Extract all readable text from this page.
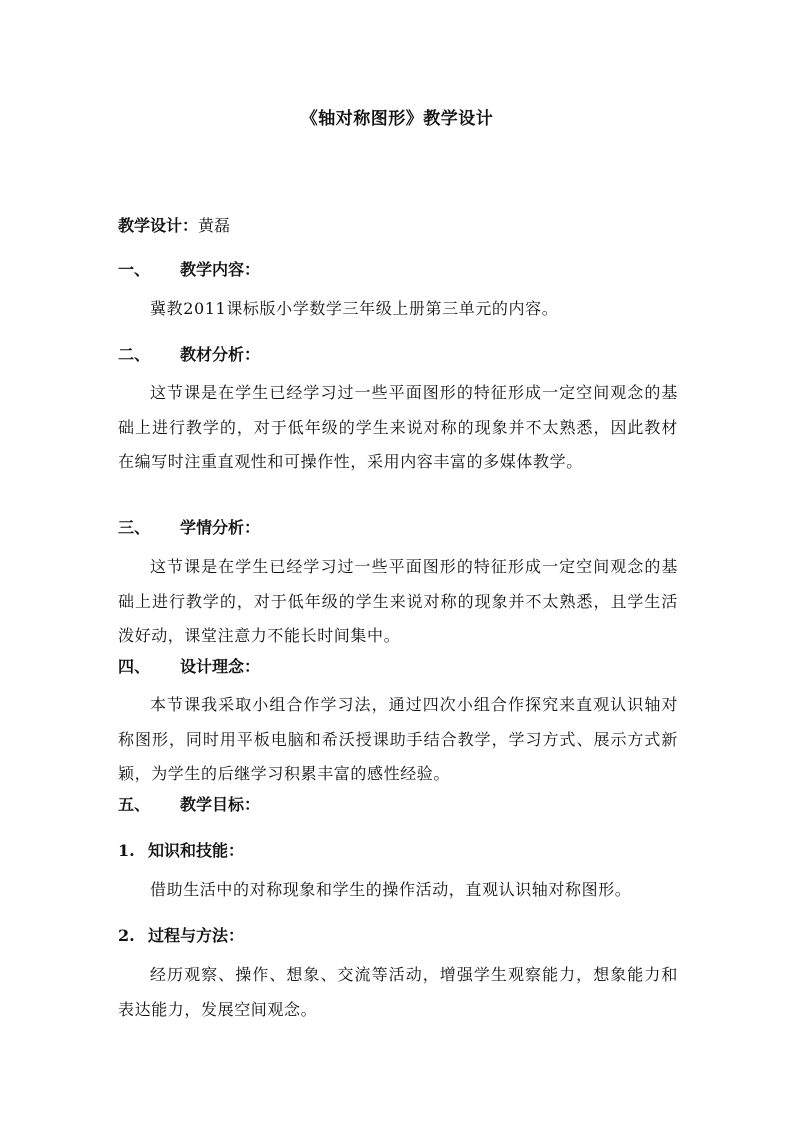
《轴对称图形》教学设计
教学设计：黄磊
一、 教学内容：
冀教2011课标版小学数学三年级上册第三单元的内容。
二、 教材分析：
这节课是在学生已经学习过一些平面图形的特征形成一定空间观念的基础上进行教学的，对于低年级的学生来说对称的现象并不太熟悉，因此教材在编写时注重直观性和可操作性，采用内容丰富的多媒体教学。
三、 学情分析：
这节课是在学生已经学习过一些平面图形的特征形成一定空间观念的基础上进行教学的，对于低年级的学生来说对称的现象并不太熟悉，且学生活泼好动，课堂注意力不能长时间集中。
四、 设计理念：
本节课我采取小组合作学习法，通过四次小组合作探究来直观认识轴对称图形，同时用平板电脑和希沃授课助手结合教学，学习方式、展示方式新颖，为学生的后继学习积累丰富的感性经验。
五、 教学目标：
1. 知识和技能：
借助生活中的对称现象和学生的操作活动，直观认识轴对称图形。
2. 过程与方法：
经历观察、操作、想象、交流等活动，增强学生观察能力，想象能力和表达能力，发展空间观念。
